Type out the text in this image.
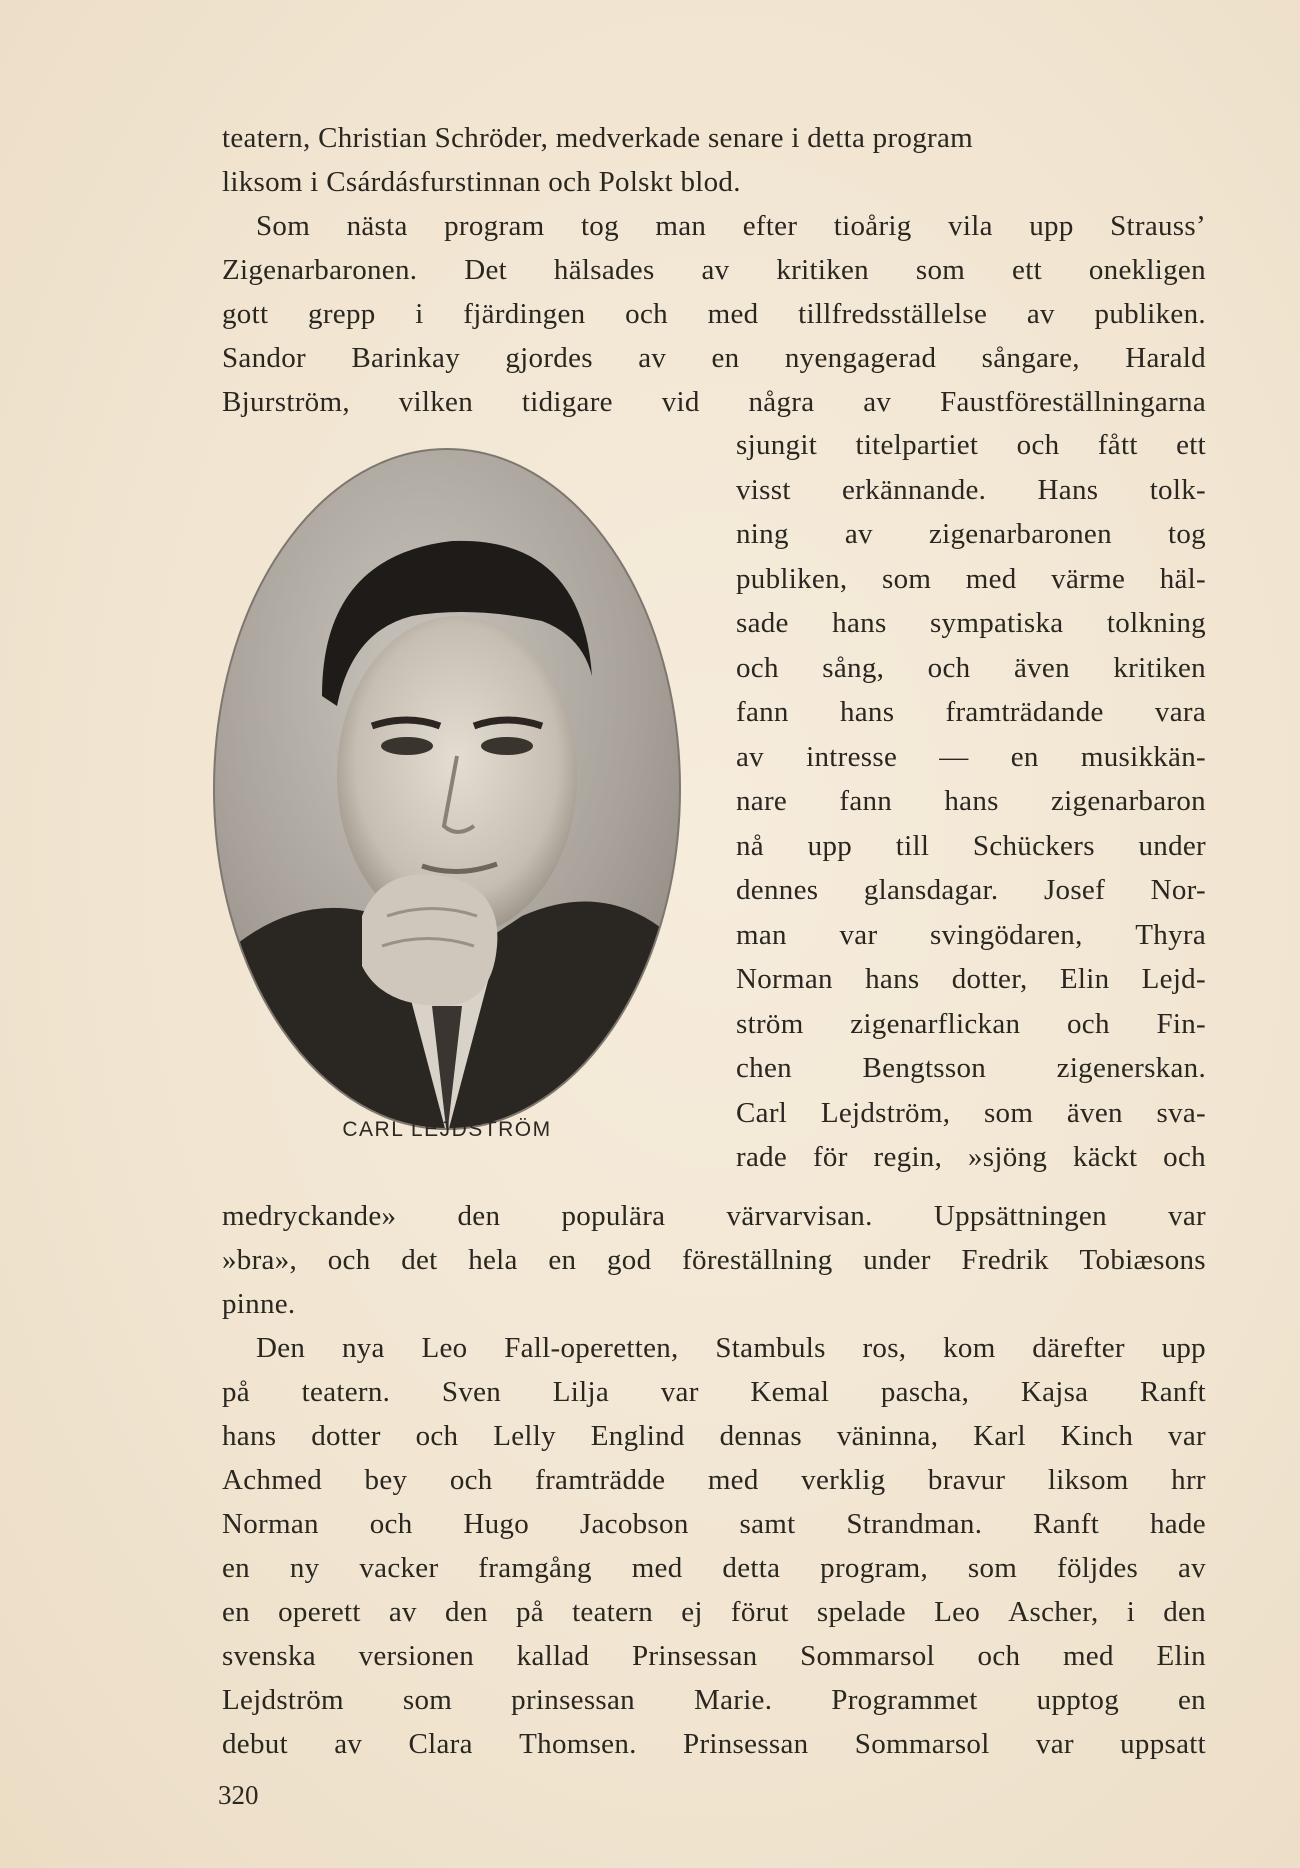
teatern, Christian Schröder, medverkade senare i detta program
liksom i Csárdásfurstinnan och Polskt blod.
Som nästa program tog man efter tioårig vila upp Strauss’
Zigenarbaronen. Det hälsades av kritiken som ett onekligen
gott grepp i fjärdingen och med tillfredsställelse av publiken.
Sandor Barinkay gjordes av en nyengagerad sångare, Harald
Bjurström, vilken tidigare vid några av Faustföreställningarna
CARL LEJDSTRÖM
sjungit titelpartiet och fått ett
visst erkännande. Hans tolk-
ning av zigenarbaronen tog
publiken, som med värme häl-
sade hans sympatiska tolkning
och sång, och även kritiken
fann hans framträdande vara
av intresse — en musikkän-
nare fann hans zigenarbaron
nå upp till Schückers under
dennes glansdagar. Josef Nor-
man var svingödaren, Thyra
Norman hans dotter, Elin Lejd-
ström zigenarflickan och Fin-
chen Bengtsson zigenerskan.
Carl Lejdström, som även sva-
rade för regin, »sjöng käckt och
medryckande» den populära värvarvisan. Uppsättningen var
»bra», och det hela en god föreställning under Fredrik Tobiæsons
pinne.
Den nya Leo Fall-operetten, Stambuls ros, kom därefter upp
på teatern. Sven Lilja var Kemal pascha, Kajsa Ranft
hans dotter och Lelly Englind dennas väninna, Karl Kinch var
Achmed bey och framträdde med verklig bravur liksom hrr
Norman och Hugo Jacobson samt Strandman. Ranft hade
en ny vacker framgång med detta program, som följdes av
en operett av den på teatern ej förut spelade Leo Ascher, i den
svenska versionen kallad Prinsessan Sommarsol och med Elin
Lejdström som prinsessan Marie. Programmet upptog en
debut av Clara Thomsen. Prinsessan Sommarsol var uppsatt
320
